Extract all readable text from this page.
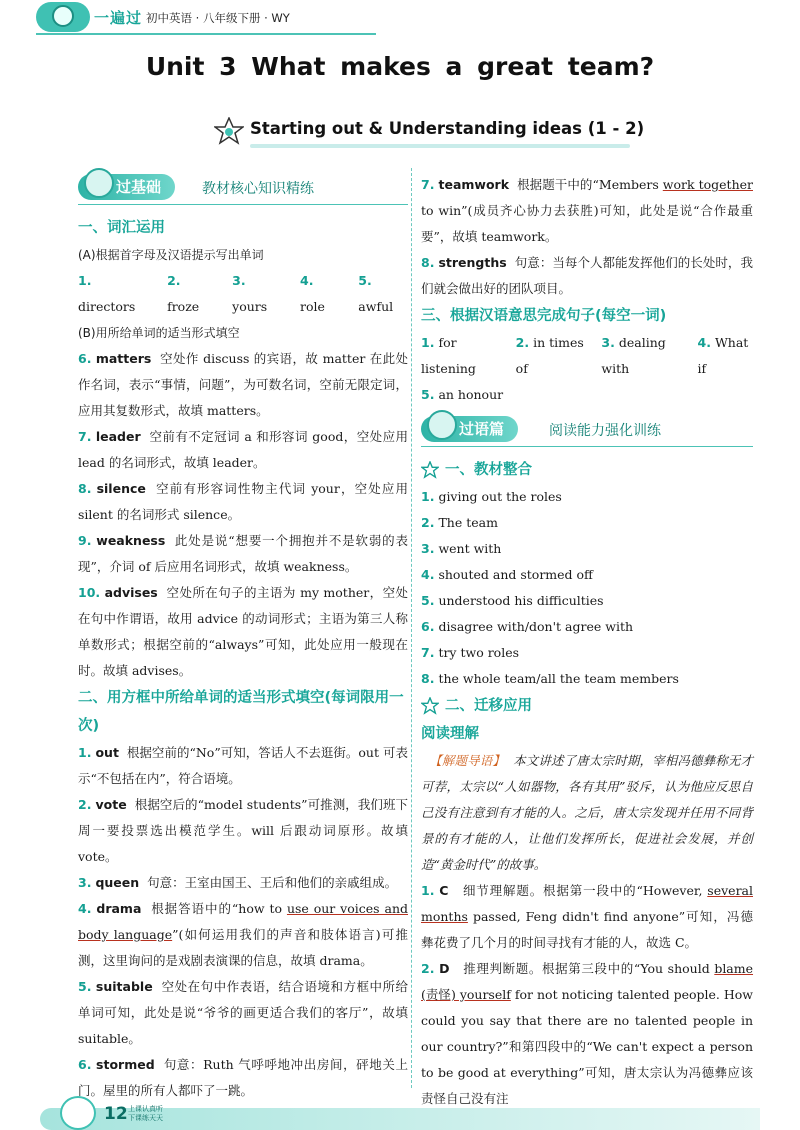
一遍过 初中英语 · 八年级下册 · WY
Unit 3 What makes a great team?
Starting out & Understanding ideas (1 - 2)
过基础	教材核心知识精练
一、词汇运用
(A)根据首字母及汉语提示写出单词
1. directors
2. froze
3. yours
4. role
5. awful
(B)用所给单词的适当形式填空

6. matters 空处作 discuss 的宾语，故 matter 在此处作名词，表示“事情，问题”，为可数名词，空前无限定词，应用其复数形式，故填 matters。

7. leader 空前有不定冠词 a 和形容词 good，空处应用 lead 的名词形式，故填 leader。

8. silence 空前有形容词性物主代词 your，空处应用 silent 的名词形式 silence。

9. weakness 此处是说“想要一个拥抱并不是软弱的表现”，介词 of 后应用名词形式，故填 weakness。

10. advises 空处所在句子的主语为 my mother，空处在句中作谓语，故用 advice 的动词形式；主语为第三人称单数形式；根据空前的“always”可知，此处应用一般现在时。故填 advises。

二、用方框中所给单词的适当形式填空(每词限用一次)

1. out 根据空前的“No”可知，答话人不去逛街。out 可表示“不包括在内”，符合语境。

2. vote 根据空后的“model students”可推测，我们班下周一要投票选出模范学生。will 后跟动词原形。故填 vote。

3. queen 句意：王室由国王、王后和他们的亲戚组成。

4. drama 根据答语中的“how to use our voices and body language”(如何运用我们的声音和肢体语言)可推测，这里询问的是戏剧表演课的信息，故填 drama。

5. suitable 空处在句中作表语，结合语境和方框中所给单词可知，此处是说“爷爷的画更适合我们的客厅”，故填 suitable。

6. stormed 句意：Ruth 气呼呼地冲出房间，砰地关上门。屋里的所有人都吓了一跳。

7. teamwork 根据题干中的“Members work together to win”(成员齐心协力去获胜)可知，此处是说“合作最重要”，故填 teamwork。

8. strengths 句意：当每个人都能发挥他们的长处时，我们就会做出好的团队项目。

三、根据汉语意思完成句子(每空一词)
1. for listening
2. in times of
3. dealing with
4. What if
5. an honour
过语篇	阅读能力强化训练
一、教材整合
1. giving out the roles
2. The team
3. went with
4. shouted and stormed off
5. understood his difficulties
6. disagree with/don't agree with
7. try two roles
8. the whole team/all the team members
二、迁移应用
阅读理解

【解题导语】 本文讲述了唐太宗时期，宰相冯德彝称无才可荐，太宗以“人如器物，各有其用”驳斥，认为他应反思自己没有注意到有才能的人。之后，唐太宗发现并任用不同背景的有才能的人，让他们发挥所长，促进社会发展，并创造“黄金时代”的故事。

1. C 细节理解题。根据第一段中的“However, several months passed, Feng didn't find anyone”可知，冯德彝花费了几个月的时间寻找有才能的人，故选 C。

2. D 推理判断题。根据第三段中的“You should blame (责怪) yourself for not noticing talented people. How could you say that there are no talented people in our country?”和第四段中的“We can't expect a person to be good at everything”可知，唐太宗认为冯德彝应该责怪自己没有注

12 上课认真听
下课练天天
